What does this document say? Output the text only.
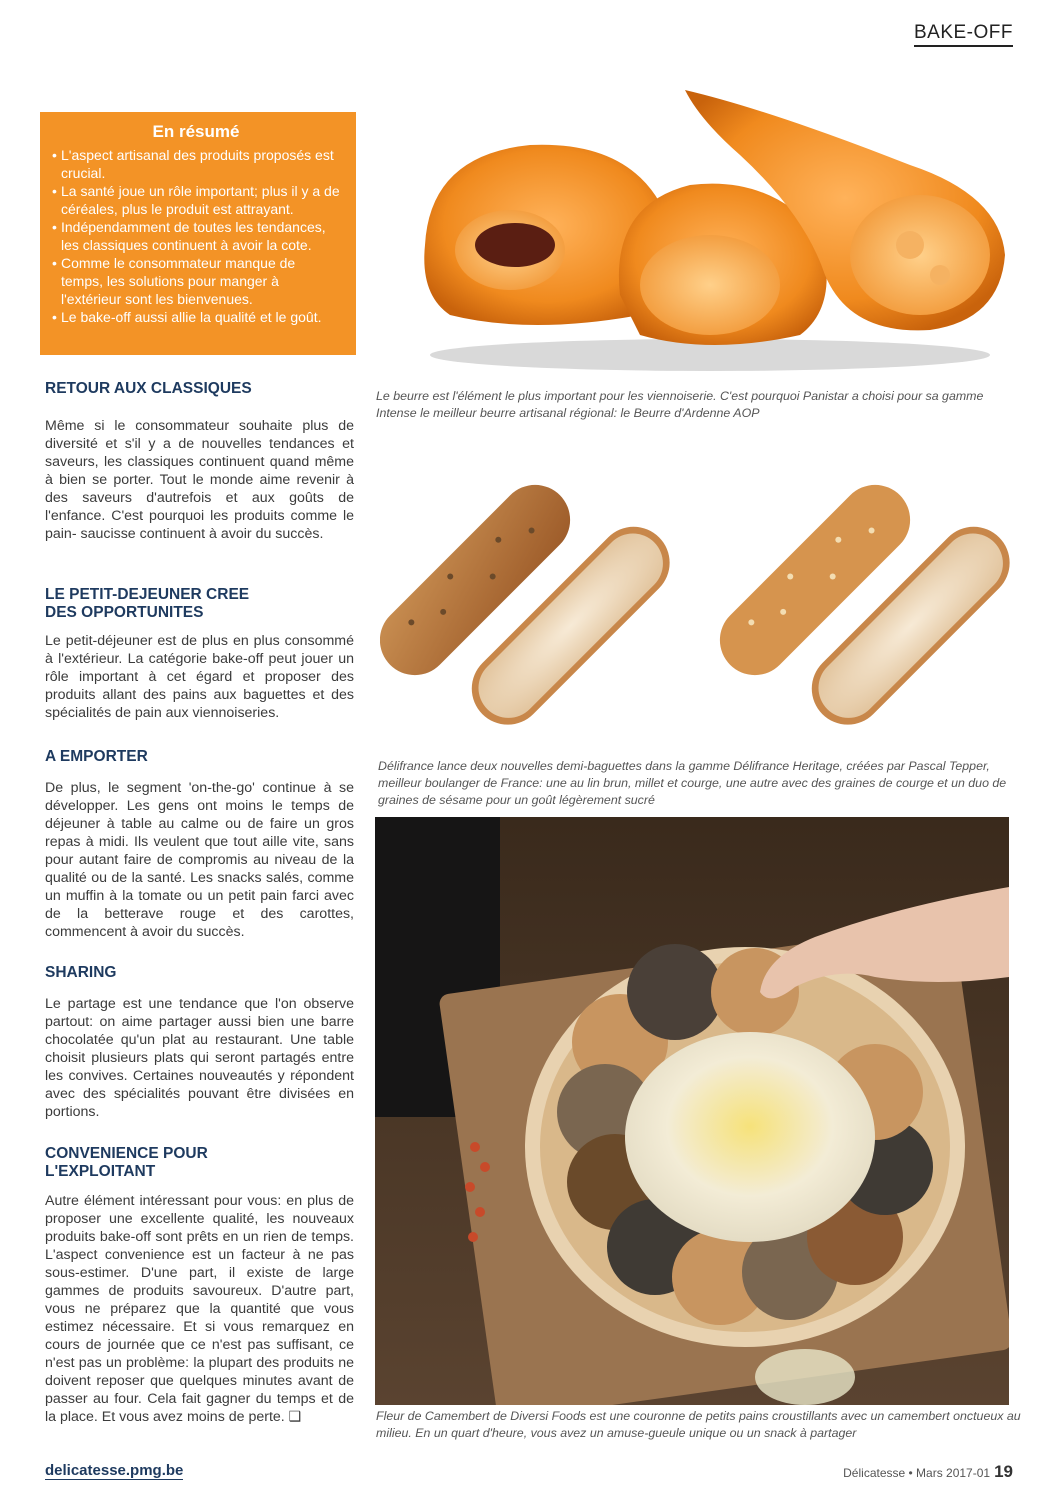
BAKE-OFF
En résumé
• L'aspect artisanal des produits proposés est crucial.
• La santé joue un rôle important; plus il y a de céréales, plus le produit est attrayant.
• Indépendamment de toutes les tendances, les classiques continuent à avoir la cote.
• Comme le consommateur manque de temps, les solutions pour manger à l'extérieur sont les bienvenues.
• Le bake-off aussi allie la qualité et le goût.
RETOUR AUX CLASSIQUES

Même si le consommateur souhaite plus de diversité et s'il y a de nouvelles tendances et saveurs, les classiques continuent quand même à bien se porter. Tout le monde aime revenir à des saveurs d'autrefois et aux goûts de l'enfance. C'est pourquoi les produits comme le pain- saucisse continuent à avoir du succès.

LE PETIT-DEJEUNER CREE DES OPPORTUNITES

Le petit-déjeuner est de plus en plus consommé à l'extérieur. La catégorie bake-off peut jouer un rôle important à cet égard et proposer des produits allant des pains aux baguettes et des spécialités de pain aux viennoiseries.

A EMPORTER

De plus, le segment 'on-the-go' continue à se développer. Les gens ont moins le temps de déjeuner à table au calme ou de faire un gros repas à midi. Ils veulent que tout aille vite, sans pour autant faire de compromis au niveau de la qualité ou de la santé. Les snacks salés, comme un muffin à la tomate ou un petit pain farci avec de la betterave rouge et des carottes, commencent à avoir du succès.

SHARING

Le partage est une tendance que l'on observe partout: on aime partager aussi bien une barre chocolatée qu'un plat au restaurant. Une table choisit plusieurs plats qui seront partagés entre les convives. Certaines nouveautés y répondent avec des spécialités pouvant être divisées en portions.

CONVENIENCE POUR L'EXPLOITANT

Autre élément intéressant pour vous: en plus de proposer une excellente qualité, les nouveaux produits bake-off sont prêts en un rien de temps. L'aspect convenience est un facteur à ne pas sous-estimer. D'une part, il existe de large gammes de produits savoureux. D'autre part, vous ne préparez que la quantité que vous estimez nécessaire. Et si vous remarquez en cours de journée que ce n'est pas suffisant, ce n'est pas un problème: la plupart des produits ne doivent reposer que quelques minutes avant de passer au four. Cela fait gagner du temps et de la place. Et vous avez moins de perte. ❑

Le beurre est l'élément le plus important pour les viennoiserie. C'est pourquoi Panistar a choisi pour sa gamme Intense le meilleur beurre artisanal régional: le Beurre d'Ardenne AOP
Délifrance lance deux nouvelles demi-baguettes dans la gamme Délifrance Heritage, créées par Pascal Tepper, meilleur boulanger de France: une au lin brun, millet et courge, une autre avec des graines de courge et un duo de graines de sésame pour un goût légèrement sucré
Fleur de Camembert de Diversi Foods est une couronne de petits pains croustillants avec un camembert onctueux au milieu. En un quart d'heure, vous avez un amuse-gueule unique ou un snack à partager
delicatesse.pmg.be	Délicatesse • Mars 2017-01 19
